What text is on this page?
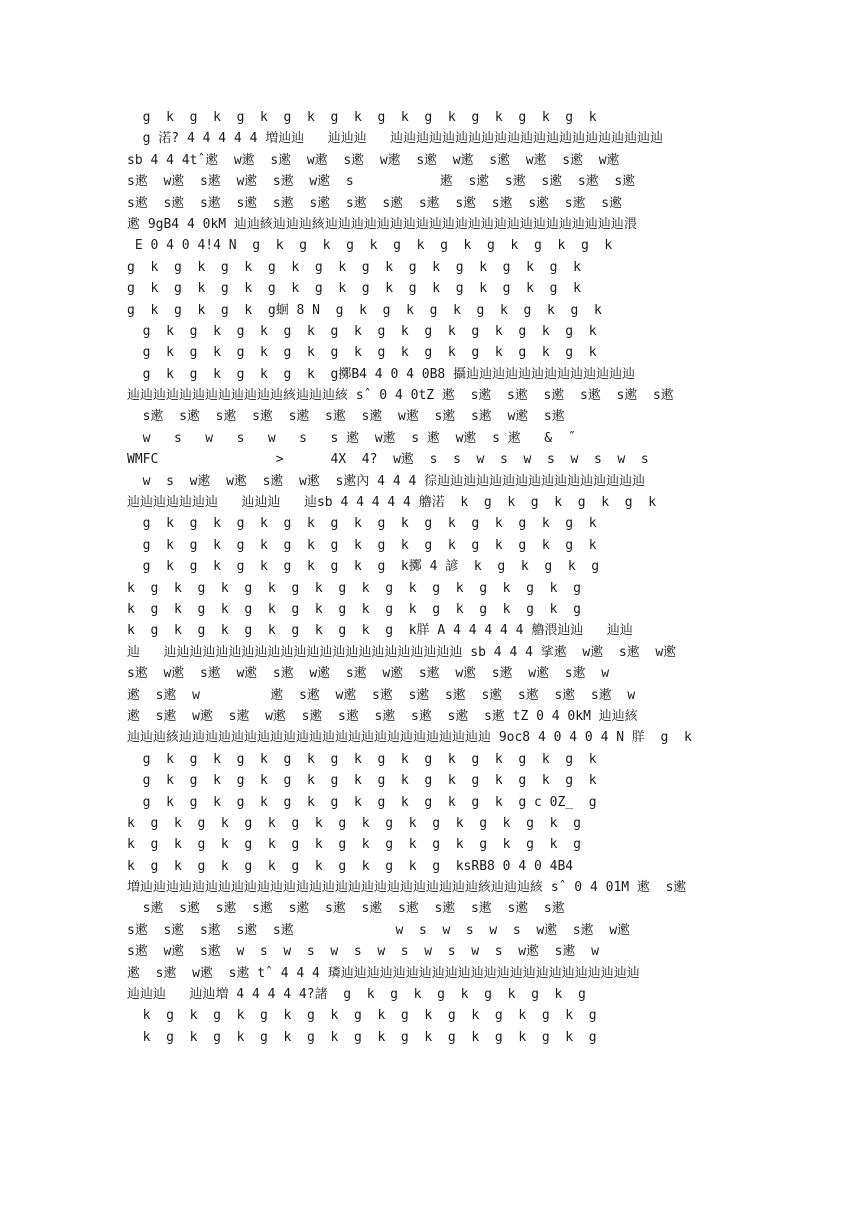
g  k  g  k  g  k  g  k  g  k  g  k  g  k  g  k  g  k  g  k
g 渃? 4 4 4 4 4 増辿辿   辿辿辿   辿辿辿辿辿辿辿辿辿辿辿辿辿辿辿辿辿辿辿辿辿
sb 4 4 4tˆ遬  w遬  s遬  w遬  s遬  w遬  s遬  w遬  s遬  w遬  s遬  w遬
s遬  w遬  s遬  w遬  s遬  w遬  s           遬  s遬  s遬  s遬  s遬  s遬
s遬  s遬  s遬  s遬  s遬  s遬  s遬  s遬  s遬  s遬  s遬  s遬  s遬  s遬
遬 9gB4 4 0kM 辿辿絯辿辿辿絯辿辿辿辿辿辿辿辿辿辿辿辿辿辿辿辿辿辿辿辿辿辿辿渨
E 0 4 0 4!4 N  g  k  g  k  g  k  g  k  g  k  g  k  g  k  g  k
g  k  g  k  g  k  g  k  g  k  g  k  g  k  g  k  g  k  g  k
g  k  g  k  g  k  g  k  g  k  g  k  g  k  g  k  g  k  g  k
g  k  g  k  g  k  g蛔 8 N  g  k  g  k  g  k  g  k  g  k  g  k
g  k  g  k  g  k  g  k  g  k  g  k  g  k  g  k  g  k  g  k
g  k  g  k  g  k  g  k  g  k  g  k  g  k  g  k  g  k  g  k
g  k  g  k  g  k  g  k  g擲B4 4 0 4 0B8 攝辿辿辿辿辿辿辿辿辿辿辿辿辿
辿辿辿辿辿辿辿辿辿辿辿辿絯辿辿辿絯 sˆ 0 4 0tZ 遬  s遬  s遬  s遬  s遬  s遬  s遬
s遬  s遬  s遬  s遬  s遬  s遬  s遬  w遬  s遬  s遬  w遬  s遬
w   s   w   s   w   s   s 遬  w遬  s 遬  w遬  s 遬   &  ˝
WMFC               >      4X  4?  w遬  s  s  w  s  w  s  w  s  w  s
w  s  w遬  w遬  s遬  w遬  s遬內 4 4 4 徖辿辿辿辿辿辿辿辿辿辿辿辿辿辿辿辿
辿辿辿辿辿辿辿   辿辿辿   辿sb 4 4 4 4 4 艪渃  k  g  k  g  k  g  k  g  k
g  k  g  k  g  k  g  k  g  k  g  k  g  k  g  k  g  k  g  k
g  k  g  k  g  k  g  k  g  k  g  k  g  k  g  k  g  k  g  k
g  k  g  k  g  k  g  k  g  k  g  k擲 4 諺  k  g  k  g  k  g
k  g  k  g  k  g  k  g  k  g  k  g  k  g  k  g  k  g  k  g
k  g  k  g  k  g  k  g  k  g  k  g  k  g  k  g  k  g  k  g
k  g  k  g  k  g  k  g  k  g  k  g  k羘 A 4 4 4 4 4 艪渨辿辿   辿辿
辿   辿辿辿辿辿辿辿辿辿辿辿辿辿辿辿辿辿辿辿辿辿辿辿 sb 4 4 4 挲遬  w遬  s遬  w遬
s遬  w遬  s遬  w遬  s遬  w遬  s遬  w遬  s遬  w遬  s遬  w遬  s遬  w
遬  s遬  w         遬  s遬  w遬  s遬  s遬  s遬  s遬  s遬  s遬  s遬  w
遬  s遬  w遬  s遬  w遬  s遬  s遬  s遬  s遬  s遬  s遬 tZ 0 4 0kM 辿辿絯
辿辿辿絯辿辿辿辿辿辿辿辿辿辿辿辿辿辿辿辿辿辿辿辿辿辿辿辿 9oc8 4 0 4 0 4 N 羘  g  k
g  k  g  k  g  k  g  k  g  k  g  k  g  k  g  k  g  k  g  k
g  k  g  k  g  k  g  k  g  k  g  k  g  k  g  k  g  k  g  k
g  k  g  k  g  k  g  k  g  k  g  k  g  k  g  k  g c 0Z_  g
k  g  k  g  k  g  k  g  k  g  k  g  k  g  k  g  k  g  k  g
k  g  k  g  k  g  k  g  k  g  k  g  k  g  k  g  k  g  k  g
k  g  k  g  k  g  k  g  k  g  k  g  k  g  ksRB8 0 4 0 4B4
増辿辿辿辿辿辿辿辿辿辿辿辿辿辿辿辿辿辿辿辿辿辿辿辿辿辿絯辿辿辿絯 sˆ 0 4 01M 遬  s遬
s遬  s遬  s遬  s遬  s遬  s遬  s遬  s遬  s遬  s遬  s遬  s遬
s遬  s遬  s遬  s遬  s遬             w  s  w  s  w  s  w遬  s遬  w遬
s遬  w遬  s遬  w  s  w  s  w  s  w  s  w  s  w  s  w遬  s遬  w
遬  s遬  w遬  s遬 tˆ 4 4 4 璘辿辿辿辿辿辿辿辿辿辿辿辿辿辿辿辿辿辿辿辿辿辿辿
辿辿辿   辿辿増 4 4 4 4 4?諸  g  k  g  k  g  k  g  k  g  k  g
k  g  k  g  k  g  k  g  k  g  k  g  k  g  k  g  k  g  k  g
k  g  k  g  k  g  k  g  k  g  k  g  k  g  k  g  k  g  k  g
